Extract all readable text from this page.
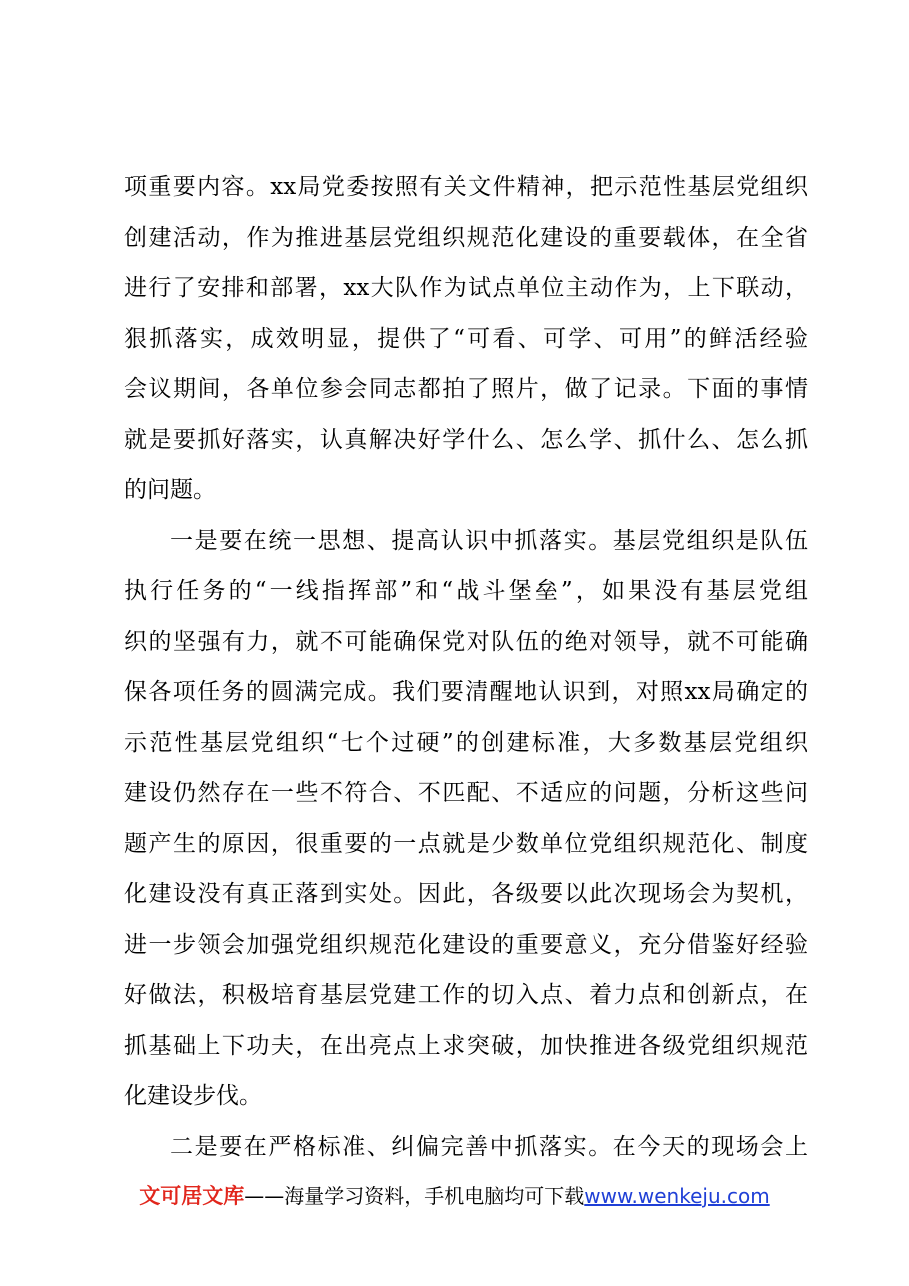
项重要内容。xx局党委按照有关文件精神，把示范性基层党组织
创建活动，作为推进基层党组织规范化建设的重要载体，在全省
进行了安排和部署，xx大队作为试点单位主动作为，上下联动，
狠抓落实，成效明显，提供了“可看、可学、可用”的鲜活经验
会议期间，各单位参会同志都拍了照片，做了记录。下面的事情
就是要抓好落实，认真解决好学什么、怎么学、抓什么、怎么抓
的问题。
一是要在统一思想、提高认识中抓落实。基层党组织是队伍
执行任务的“一线指挥部”和“战斗堡垒”，如果没有基层党组
织的坚强有力，就不可能确保党对队伍的绝对领导，就不可能确
保各项任务的圆满完成。我们要清醒地认识到，对照xx局确定的
示范性基层党组织“七个过硬”的创建标准，大多数基层党组织
建设仍然存在一些不符合、不匹配、不适应的问题，分析这些问
题产生的原因，很重要的一点就是少数单位党组织规范化、制度
化建设没有真正落到实处。因此，各级要以此次现场会为契机，
进一步领会加强党组织规范化建设的重要意义，充分借鉴好经验
好做法，积极培育基层党建工作的切入点、着力点和创新点，在
抓基础上下功夫，在出亮点上求突破，加快推进各级党组织规范
化建设步伐。
二是要在严格标准、纠偏完善中抓落实。在今天的现场会上
文可居文库——海量学习资料，手机电脑均可下载www.wenkeju.com
